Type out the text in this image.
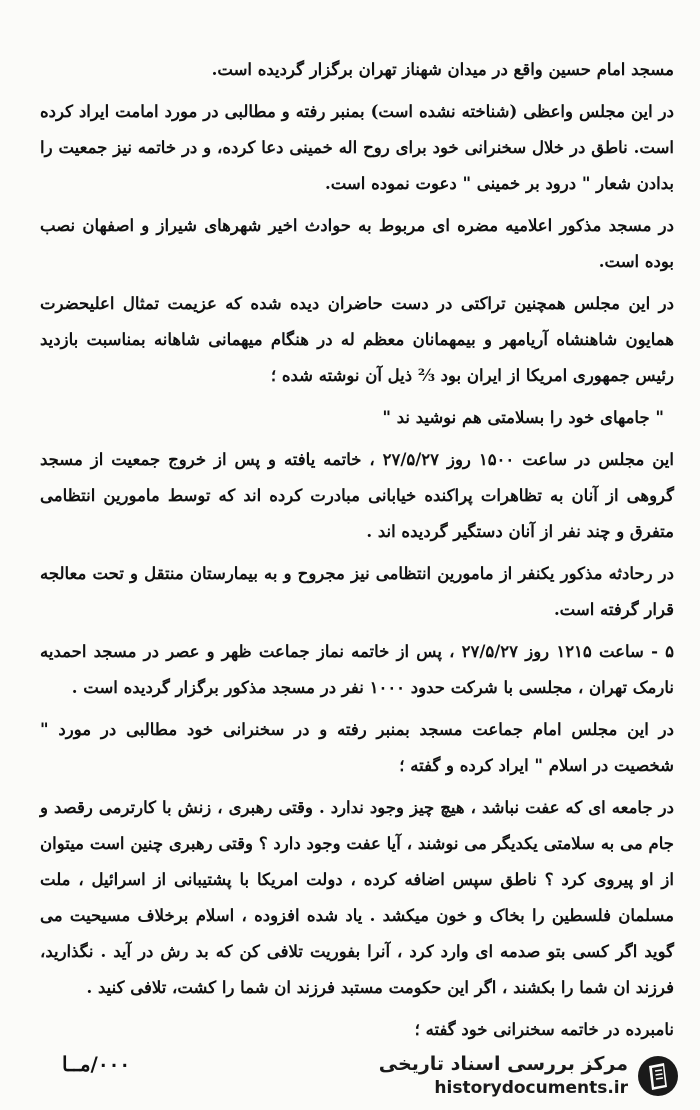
مسجد امام حسین واقع در میدان شهناز تهران برگزار گردیده است.

در این مجلس واعظی (شناخته نشده است) بمنبر رفته و مطالبی در مورد امامت ایراد کرده است. ناطق در خلال سخنرانی خود برای روح اله خمینی دعا کرده، و در خاتمه نیز جمعیت را بدادن شعار " درود بر خمینی " دعوت نموده است.

در مسجد مذکور اعلامیه مضره ای مربوط به حوادث اخیر شهرهای شیراز و اصفهان نصب بوده است.

در این مجلس همچنین تراکتی در دست حاضران دیده شده که عزیمت تمثال اعلیحضرت همایون شاهنشاه آریامهر و بیمهمانان معظم له در هنگام میهمانی شاهانه بمناسبت بازدید رئیس جمهوری امریکا از ایران بود ⅔ ذیل آن نوشته شده ؛

" جامهای خود را بسلامتی هم نوشید ند "

این مجلس در ساعت ۱۵۰۰ روز ۲۷/۵/۲۷ ، خاتمه یافته و پس از خروج جمعیت از مسجد گروهی از آنان به تظاهرات پراکنده خیابانی مبادرت کرده اند که توسط مامورین انتظامی متفرق و چند نفر از آنان دستگیر گردیده اند .

در رحادثه مذکور یکنفر از مامورین انتظامی نیز مجروح و به بیمارستان منتقل و تحت معالجه قرار گرفته است.

۵ - ساعت ۱۲۱۵ روز ۲۷/۵/۲۷ ، پس از خاتمه نماز جماعت ظهر و عصر در مسجد احمدیه نارمک تهران ، مجلسی با شرکت حدود ۱۰۰۰ نفر در مسجد مذکور برگزار گردیده است .

در این مجلس امام جماعت مسجد بمنبر رفته و در سخنرانی خود مطالبی در مورد " شخصیت در اسلام " ایراد کرده و گفته ؛

در جامعه ای که عفت نباشد ، هیچ چیز وجود ندارد . وقتی رهبری ، زنش با کارترمی رقصد و جام می به سلامتی یکدیگر می نوشند ، آیا عفت وجود دارد ؟ وقتی رهبری چنین است میتوان از او پیروی کرد ؟ ناطق سپس اضافه کرده ، دولت امریکا با پشتیبانی از اسرائیل ، ملت مسلمان فلسطین را بخاک و خون میکشد . یاد شده افزوده ، اسلام برخلاف مسیحیت می گوید اگر کسی بتو صدمه ای وارد کرد ، آنرا بفوریت تلافی کن که بد رش در آید . نگذارید، فرزند ان شما را بکشند ، اگر این حکومت مستبد فرزند ان شما را کشت، تلافی کنید .

نامبرده در خاتمه سخنرانی خود گفته ؛

۰۰۰/مــا	مرکز بررسی اسناد تاریخی
historydocuments.ir
